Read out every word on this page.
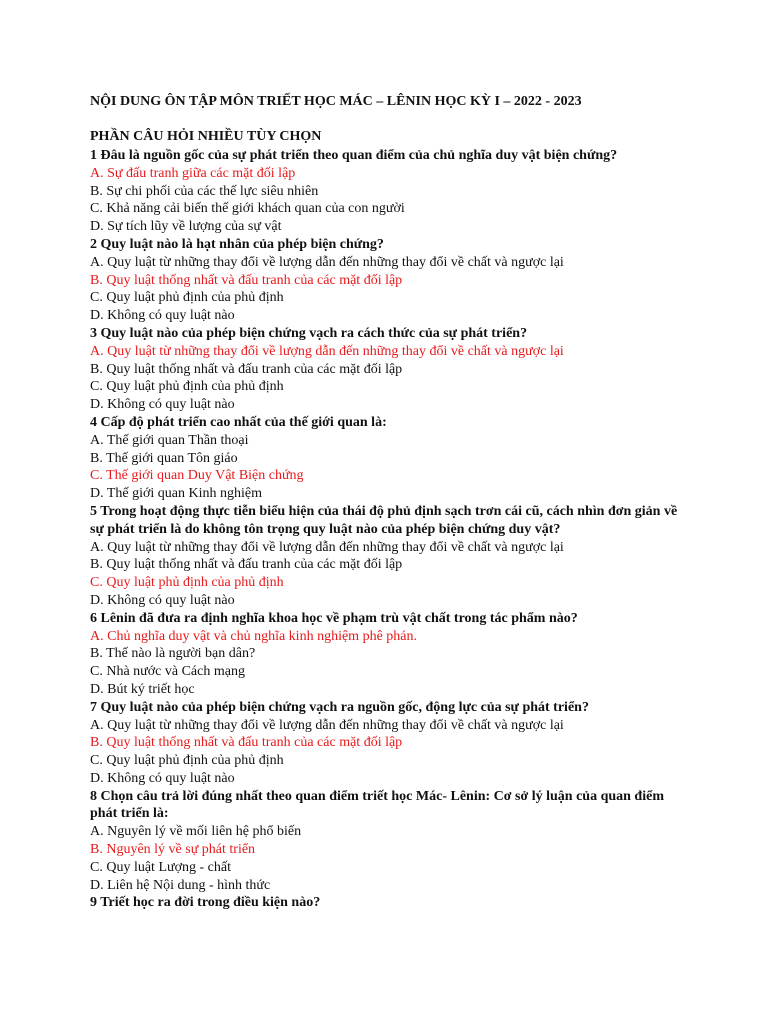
NỘI DUNG ÔN TẬP MÔN TRIẾT HỌC MÁC – LÊNIN HỌC KỲ I – 2022 - 2023
PHẦN CÂU HỎI NHIỀU TÙY CHỌN
1 Đâu là nguồn gốc của sự phát triển theo quan điểm của chủ nghĩa duy vật biện chứng?
A. Sự đấu tranh giữa các mặt đối lập
B. Sự chi phối của các thế lực siêu nhiên
C. Khả năng cải biến thế giới khách quan của con người
D. Sự tích lũy về lượng của sự vật
2 Quy luật nào là hạt nhân của phép biện chứng?
A. Quy luật từ những thay đổi về lượng dẫn đến những thay đổi về chất và ngược lại
B. Quy luật thống nhất và đấu tranh của các mặt đối lập
C. Quy luật phủ định của phủ định
D. Không có quy luật nào
3 Quy luật nào của phép biện chứng vạch ra cách thức của sự phát triển?
A. Quy luật từ những thay đổi về lượng dẫn đến những thay đổi về chất và ngược lại
B. Quy luật thống nhất và đấu tranh của các mặt đối lập
C. Quy luật phủ định của phủ định
D. Không có quy luật nào
4 Cấp độ phát triển cao nhất của thế giới quan là:
A. Thế giới quan Thần thoại
B. Thế giới quan Tôn giáo
C. Thế giới quan Duy Vật Biện chứng
D. Thế giới quan Kinh nghiệm
5 Trong hoạt động thực tiễn biểu hiện của thái độ phủ định sạch trơn cái cũ, cách nhìn đơn giản về sự phát triển là do không tôn trọng quy luật nào của phép biện chứng duy vật?
A. Quy luật từ những thay đổi về lượng dẫn đến những thay đổi về chất và ngược lại
B. Quy luật thống nhất và đấu tranh của các mặt đối lập
C. Quy luật phủ định của phủ định
D. Không có quy luật nào
6 Lênin đã đưa ra định nghĩa khoa học về phạm trù vật chất trong tác phẩm nào?
A. Chủ nghĩa duy vật và chủ nghĩa kinh nghiệm phê phán.
B. Thế nào là người bạn dân?
C. Nhà nước và Cách mạng
D. Bút ký triết học
7 Quy luật nào của phép biện chứng vạch ra nguồn gốc, động lực của sự phát triển?
A. Quy luật từ những thay đổi về lượng dẫn đến những thay đổi về chất và ngược lại
B. Quy luật thống nhất và đấu tranh của các mặt đối lập
C. Quy luật phủ định của phủ định
D. Không có quy luật nào
8 Chọn câu trả lời đúng nhất theo quan điểm triết học Mác- Lênin: Cơ sở lý luận của quan điểm phát triển là:
A. Nguyên lý về mối liên hệ phổ biến
B. Nguyên lý về sự phát triển
C. Quy luật Lượng - chất
D. Liên hệ Nội dung - hình thức
9 Triết học ra đời trong điều kiện nào?
